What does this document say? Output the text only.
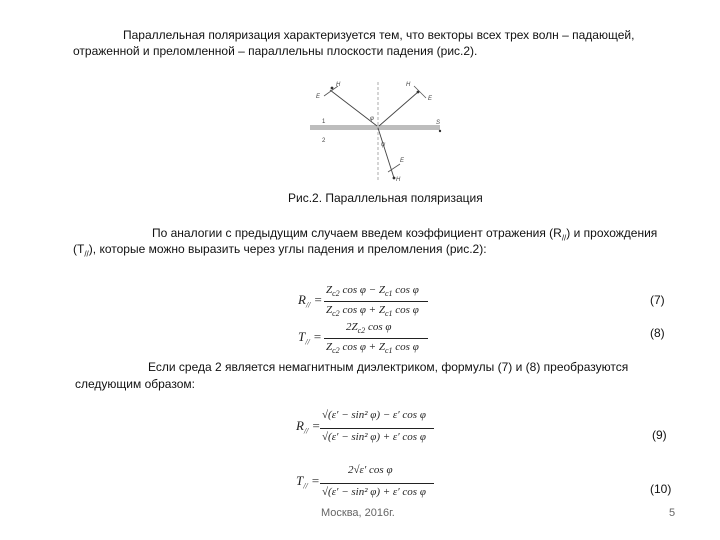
Параллельная поляризация характеризуется тем, что векторы всех трех волн – падающей,
отраженной и преломленной – параллельны плоскости падения (рис.2).
E
H
E
H
E
H
φ
ψ
1
2
S
Рис.2. Параллельная поляризация
По аналогии с предыдущим случаем введем коэффициент отражения $(R_{//})$ и прохождения
$(T_{//})$, которые можно выразить через углы падения и преломления (рис.2):
$R_{//}$ =
$Z_{c2}$ $\cos \varphi - Z_{c1}$ cos φ
$Z_{c2}$ $\cos \varphi + Z_{c1}$ cos φ
(7)
$T_{//}$ =
$2Z_{c2}$ cos φ
$Z_{c2}$ $\cos \varphi + Z_{c1}$ cos φ
(8)
Если среда 2 является немагнитным диэлектриком, формулы (7) и (8) преобразуются
следующим образом:
$R_{//}$ =
√(ε′ − sin² φ) − ε′ cos φ
√(ε′ − sin² φ) + ε′ cos φ	(9)
$T_{//}$ =
2√ε′ cos φ
√(ε′ − sin² φ) + ε′ cos φ	(10)
Москва, 2016г.	5
